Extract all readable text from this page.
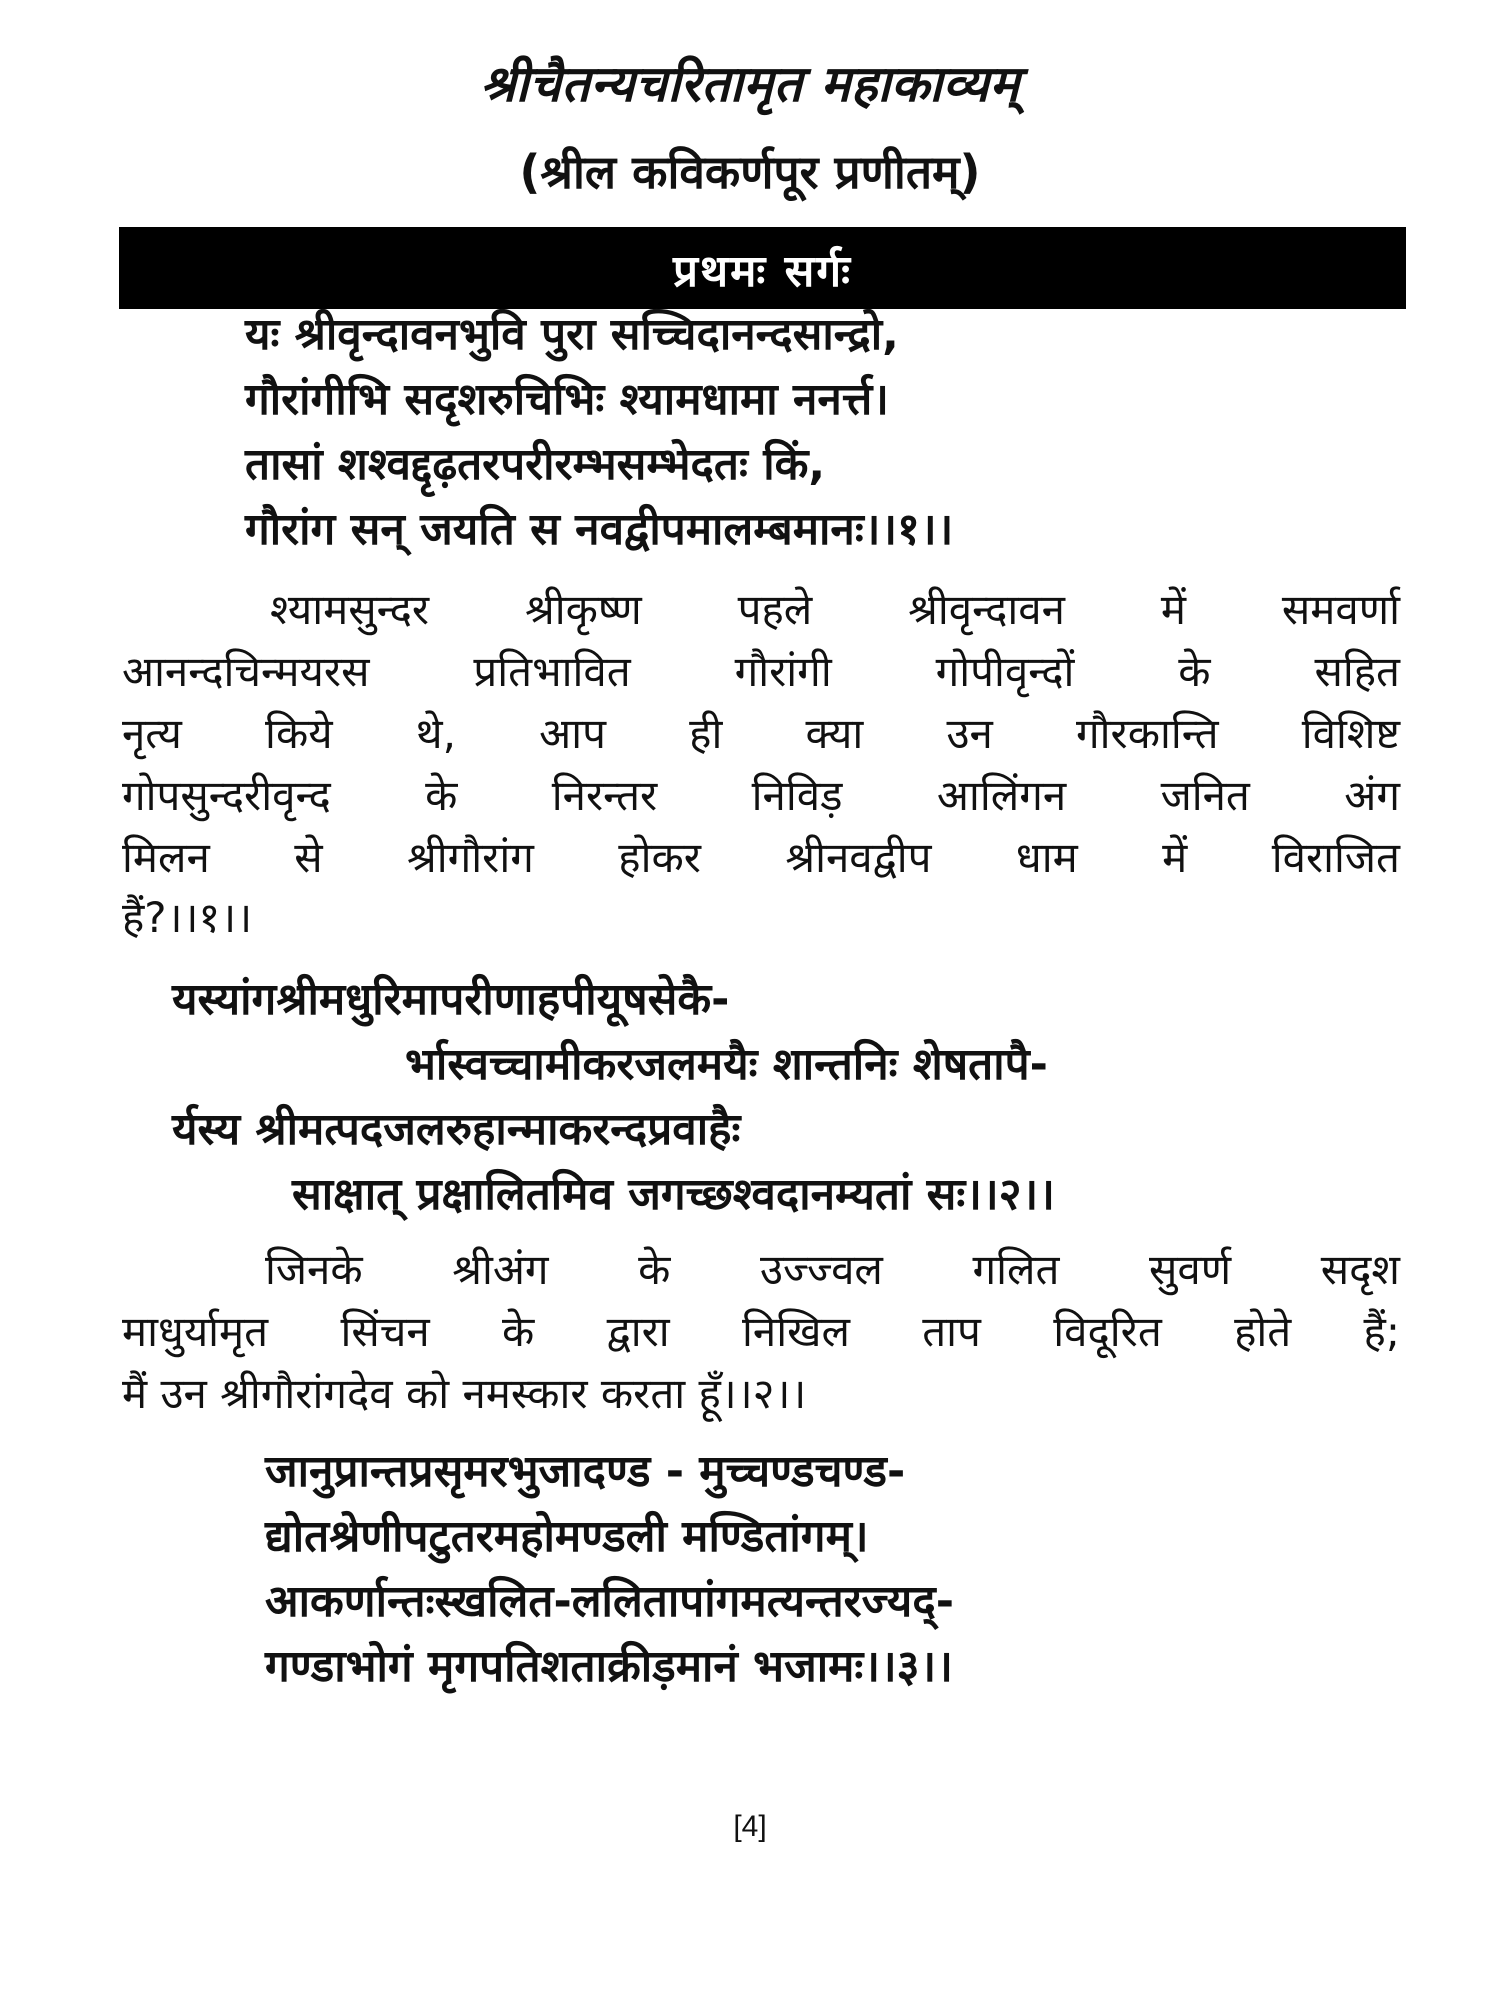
श्रीचैतन्यचरितामृत महाकाव्यम्
(श्रील कविकर्णपूर प्रणीतम्)
प्रथमः सर्गः
यः श्रीवृन्दावनभुवि पुरा सच्चिदानन्दसान्द्रो,
गौरांगीभि सदृशरुचिभिः श्यामधामा ननर्त्त।
तासां शश्वद्दृढ़तरपरीरम्भसम्भेदतः किं,
गौरांग सन् जयति स नवद्वीपमालम्बमानः।।१।।
श्यामसुन्दर श्रीकृष्ण पहले श्रीवृन्दावन में समवर्णा
आनन्दचिन्मयरस प्रतिभावित गौरांगी गोपीवृन्दों के सहित
नृत्य किये थे, आप ही क्या उन गौरकान्ति विशिष्ट
गोपसुन्दरीवृन्द के निरन्तर निविड़ आलिंगन जनित अंग
मिलन से श्रीगौरांग होकर श्रीनवद्वीप धाम में विराजित
हैं?।।१।।
यस्यांगश्रीमधुरिमापरीणाहपीयूषसेकै-
र्भास्वच्चामीकरजलमयैः शान्तनिः शेषतापै-
र्यस्य श्रीमत्पदजलरुहान्माकरन्दप्रवाहैः
साक्षात् प्रक्षालितमिव जगच्छश्वदानम्यतां सः।।२।।
जिनके श्रीअंग के उज्ज्वल गलित सुवर्ण सदृश
माधुर्यामृत सिंचन के द्वारा निखिल ताप विदूरित होते हैं;
मैं उन श्रीगौरांगदेव को नमस्कार करता हूँ।।२।।
जानुप्रान्तप्रसृमरभुजादण्ड - मुच्चण्डचण्ड-
द्योतश्रेणीपटुतरमहोमण्डली मण्डितांगम्।
आकर्णान्तःस्खलित-ललितापांगमत्यन्तरज्यद्-
गण्डाभोगं मृगपतिशताक्रीड़मानं भजामः।।३।।
[4]
